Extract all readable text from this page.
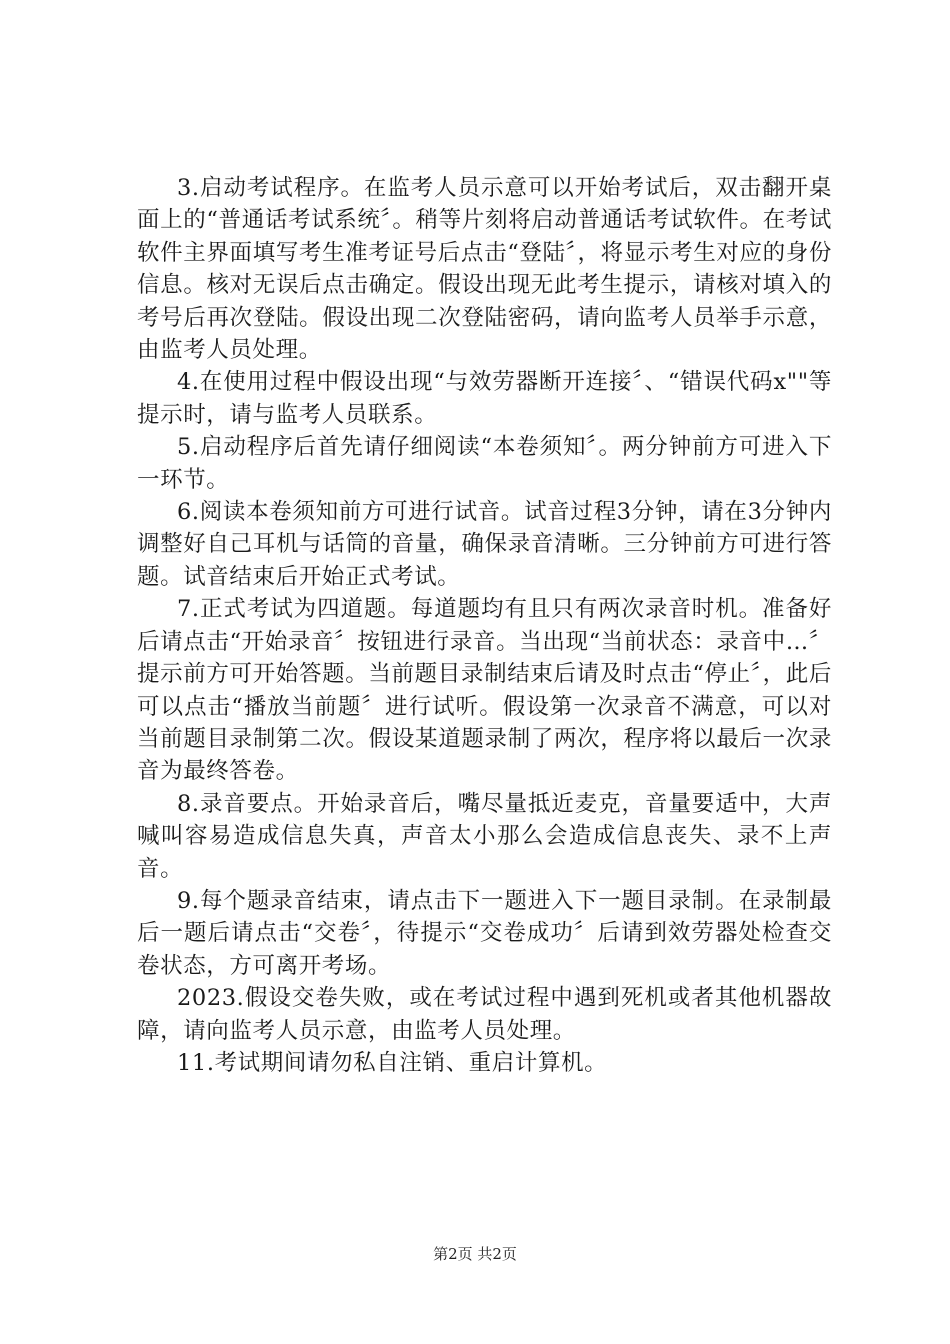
3.启动考试程序。在监考人员示意可以开始考试后，双击翻开桌面上的“普通话考试系统〞。稍等片刻将启动普通话考试软件。在考试软件主界面填写考生准考证号后点击“登陆〞，将显示考生对应的身份信息。核对无误后点击确定。假设出现无此考生提示，请核对填入的考号后再次登陆。假设出现二次登陆密码，请向监考人员举手示意，由监考人员处理。

4.在使用过程中假设出现“与效劳器断开连接〞、“错误代码x""等提示时，请与监考人员联系。

5.启动程序后首先请仔细阅读“本卷须知〞。两分钟前方可进入下一环节。

6.阅读本卷须知前方可进行试音。试音过程3分钟，请在3分钟内调整好自己耳机与话筒的音量，确保录音清晰。三分钟前方可进行答题。试音结束后开始正式考试。

7.正式考试为四道题。每道题均有且只有两次录音时机。准备好后请点击“开始录音〞按钮进行录音。当出现“当前状态：录音中…〞提示前方可开始答题。当前题目录制结束后请及时点击“停止〞，此后可以点击“播放当前题〞进行试听。假设第一次录音不满意，可以对当前题目录制第二次。假设某道题录制了两次，程序将以最后一次录音为最终答卷。

8.录音要点。开始录音后，嘴尽量抵近麦克，音量要适中，大声喊叫容易造成信息失真，声音太小那么会造成信息丧失、录不上声音。

9.每个题录音结束，请点击下一题进入下一题目录制。在录制最后一题后请点击“交卷〞，待提示“交卷成功〞后请到效劳器处检查交卷状态，方可离开考场。

2023.假设交卷失败，或在考试过程中遇到死机或者其他机器故障，请向监考人员示意，由监考人员处理。

11.考试期间请勿私自注销、重启计算机。

第2页 共2页
